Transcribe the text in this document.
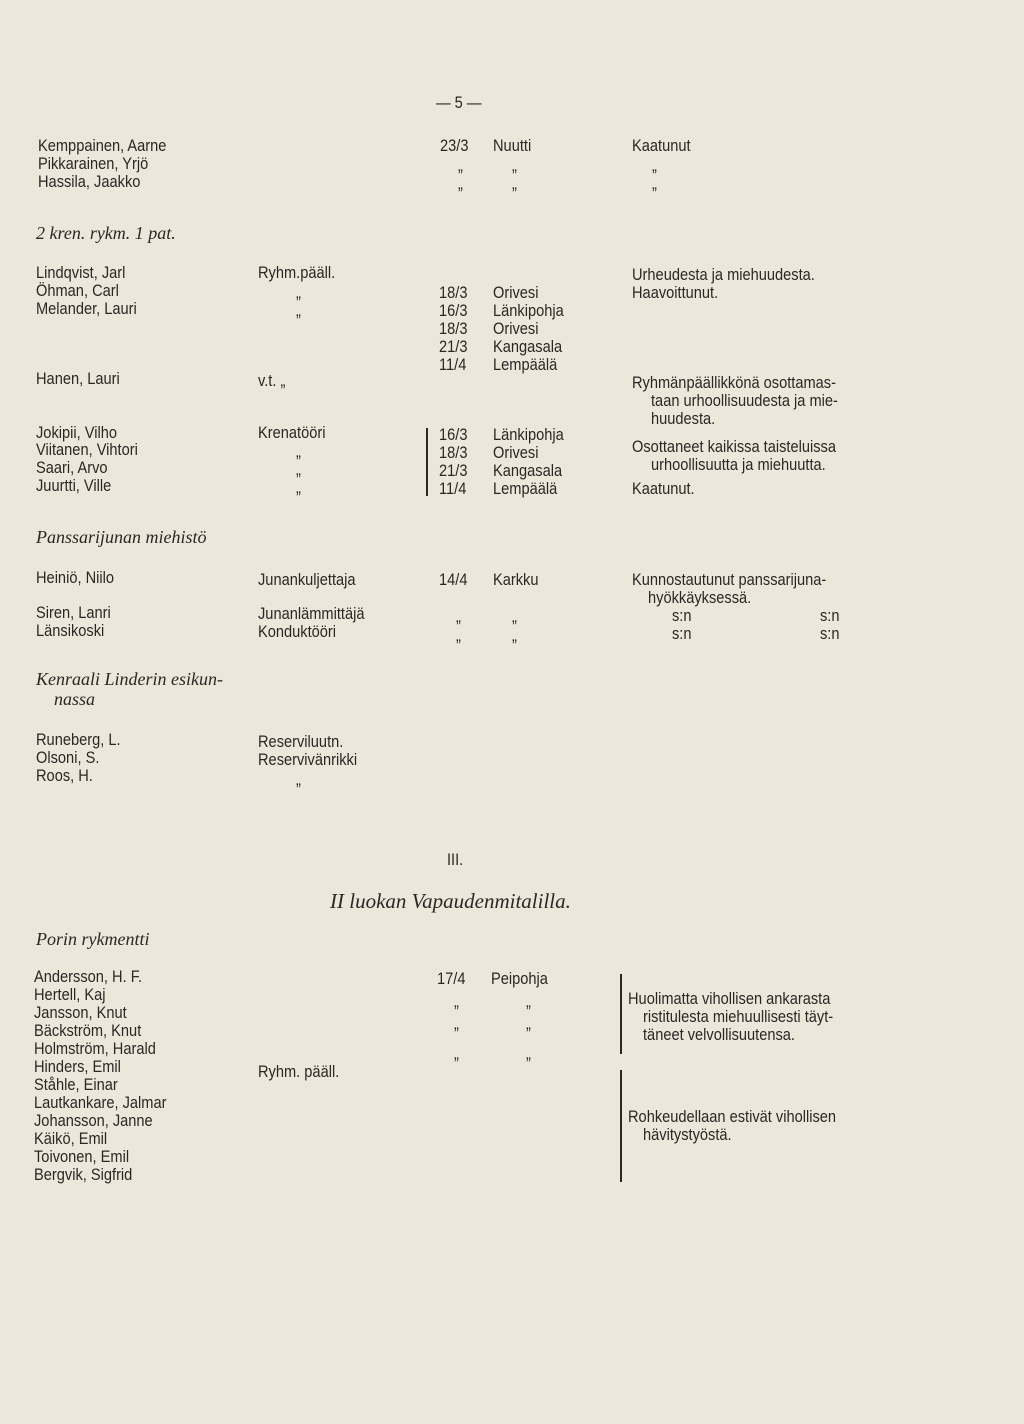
— 5 —
Kemppainen, Aarne
Pikkarainen, Yrjö
Hassila, Jaakko
23/3
„
„
Nuutti
„
„
Kaatunut
„
„
2 kren. rykm. 1 pat.
Lindqvist, Jarl
Öhman, Carl
Melander, Lauri
Hanen, Lauri
Jokipii, Vilho
Viitanen, Vihtori
Saari, Arvo
Juurtti, Ville
Ryhm.pääll.
„
„
v.t. „
Krenatööri
„
„
„
18/3
16/3
18/3
21/3
11/4
16/3
18/3
21/3
11/4
Orivesi
Länkipohja
Orivesi
Kangasala
Lempäälä
Länkipohja
Orivesi
Kangasala
Lempäälä
Urheudesta ja miehuudesta.
Haavoittunut.
Ryhmänpäällikkönä osottamas-
taan urhoollisuudesta ja mie-
huudesta.
Osottaneet kaikissa taisteluissa
urhoollisuutta ja miehuutta.
Kaatunut.
Panssarijunan miehistö
Heiniö, Niilo
Siren, Lanri
Länsikoski
Junankuljettaja
Junanlämmittäjä
Konduktööri
14/4
„
„
Karkku
„
„
Kunnostautunut panssarijuna-
hyökkäyksessä.
s:n	s:n
s:n	s:n
Kenraali Linderin esikun-
nassa
Runeberg, L.
Olsoni, S.
Roos, H.
Reserviluutn.
Reservivänrikki
„
III.
II luokan Vapaudenmitalilla.
Porin rykmentti
Andersson, H. F.
Hertell, Kaj
Jansson, Knut
Bäckström, Knut
Holmström, Harald
Hinders, Emil
Ståhle, Einar
Lautkankare, Jalmar
Johansson, Janne
Käikö, Emil
Toivonen, Emil
Bergvik, Sigfrid
Ryhm. pääll.
17/4
„
„
„
Peipohja
„
„
„
Huolimatta vihollisen ankarasta
ristitulesta miehuullisesti täyt-
täneet velvollisuutensa.
Rohkeudellaan estivät vihollisen
hävitystyöstä.
